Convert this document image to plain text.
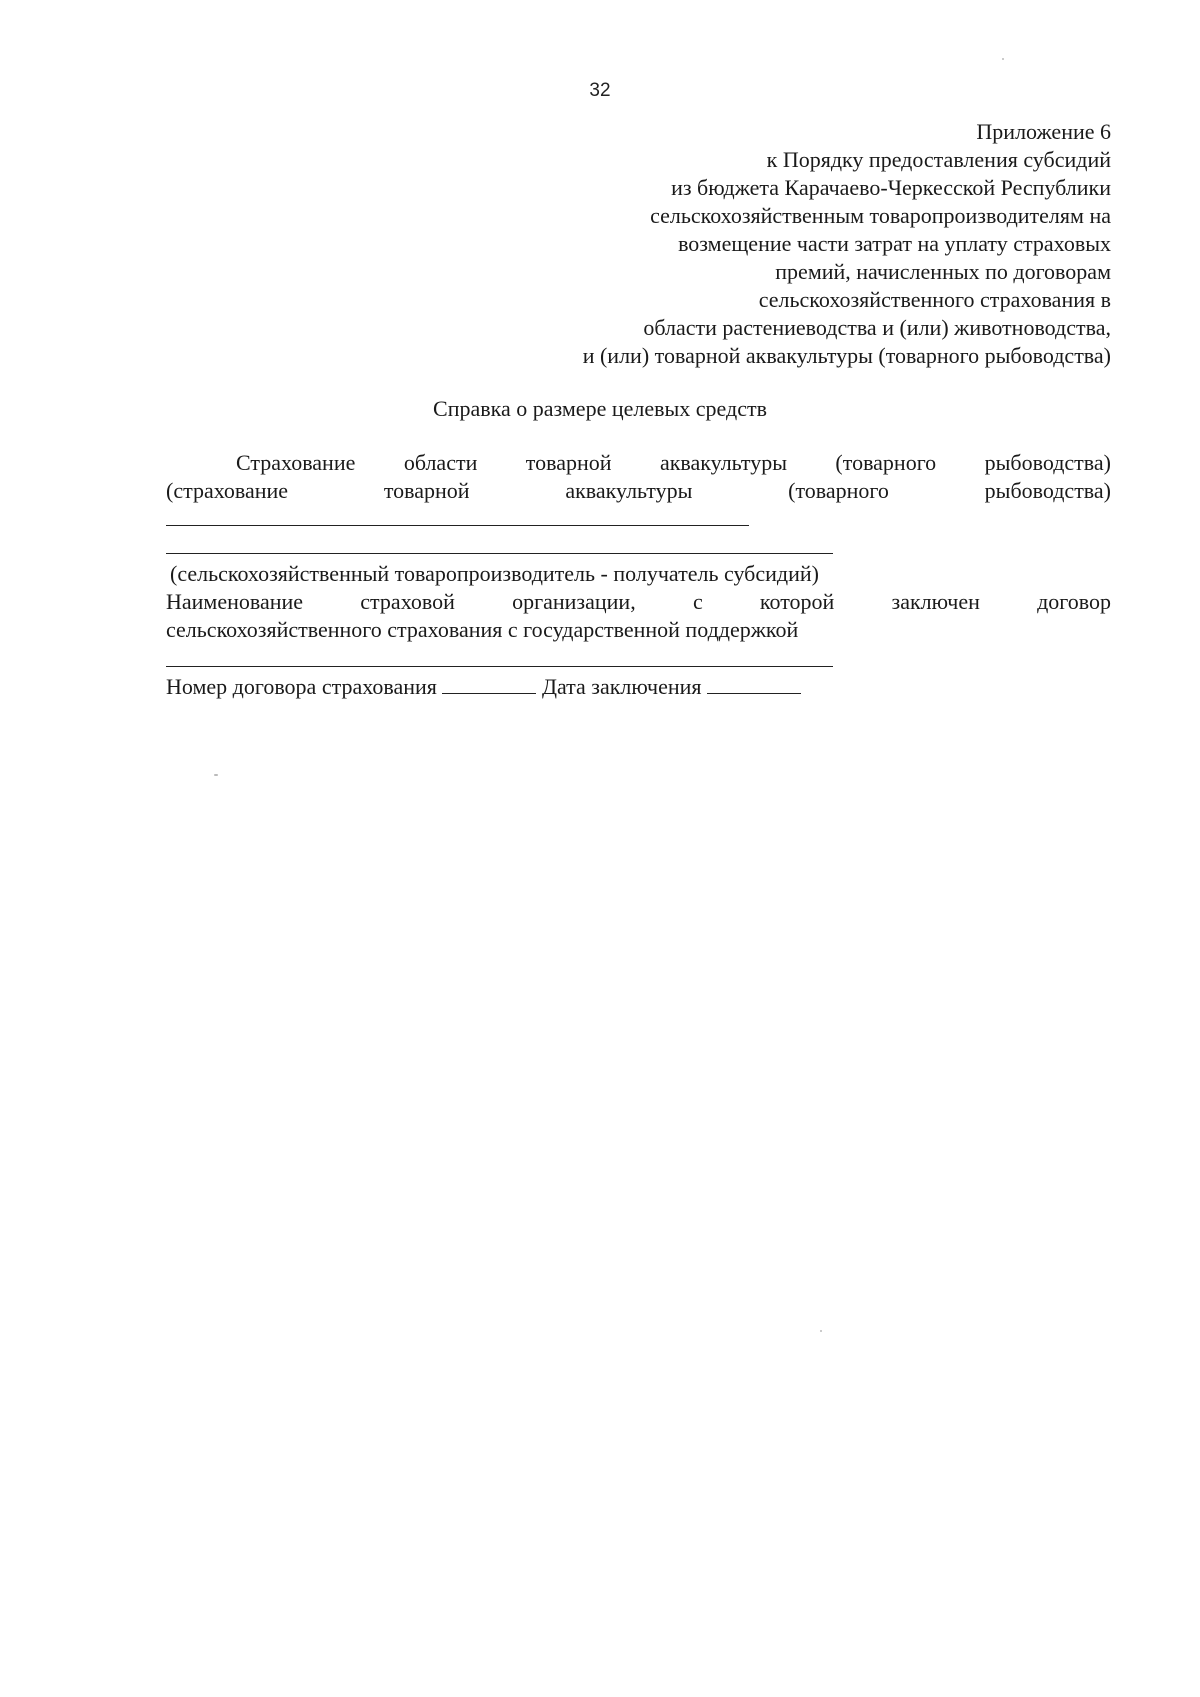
32
Приложение 6
к Порядку предоставления субсидий
из бюджета Карачаево-Черкесской Республики
сельскохозяйственным товаропроизводителям на
возмещение части затрат на уплату страховых
премий, начисленных по договорам
сельскохозяйственного страхования в
области растениеводства и (или) животноводства,
и (или) товарной аквакультуры (товарного рыбоводства)
Справка о размере целевых средств
Страхование области товарной аквакультуры (товарного рыбоводства)
(страхование	товарной	аквакультуры	(товарного	рыбоводства)
(сельскохозяйственный товаропроизводитель - получатель субсидий)
Наименование	страховой	организации,	с	которой	заключен	договор
сельскохозяйственного страхования с государственной поддержкой
Номер договора страхования	Дата заключения
